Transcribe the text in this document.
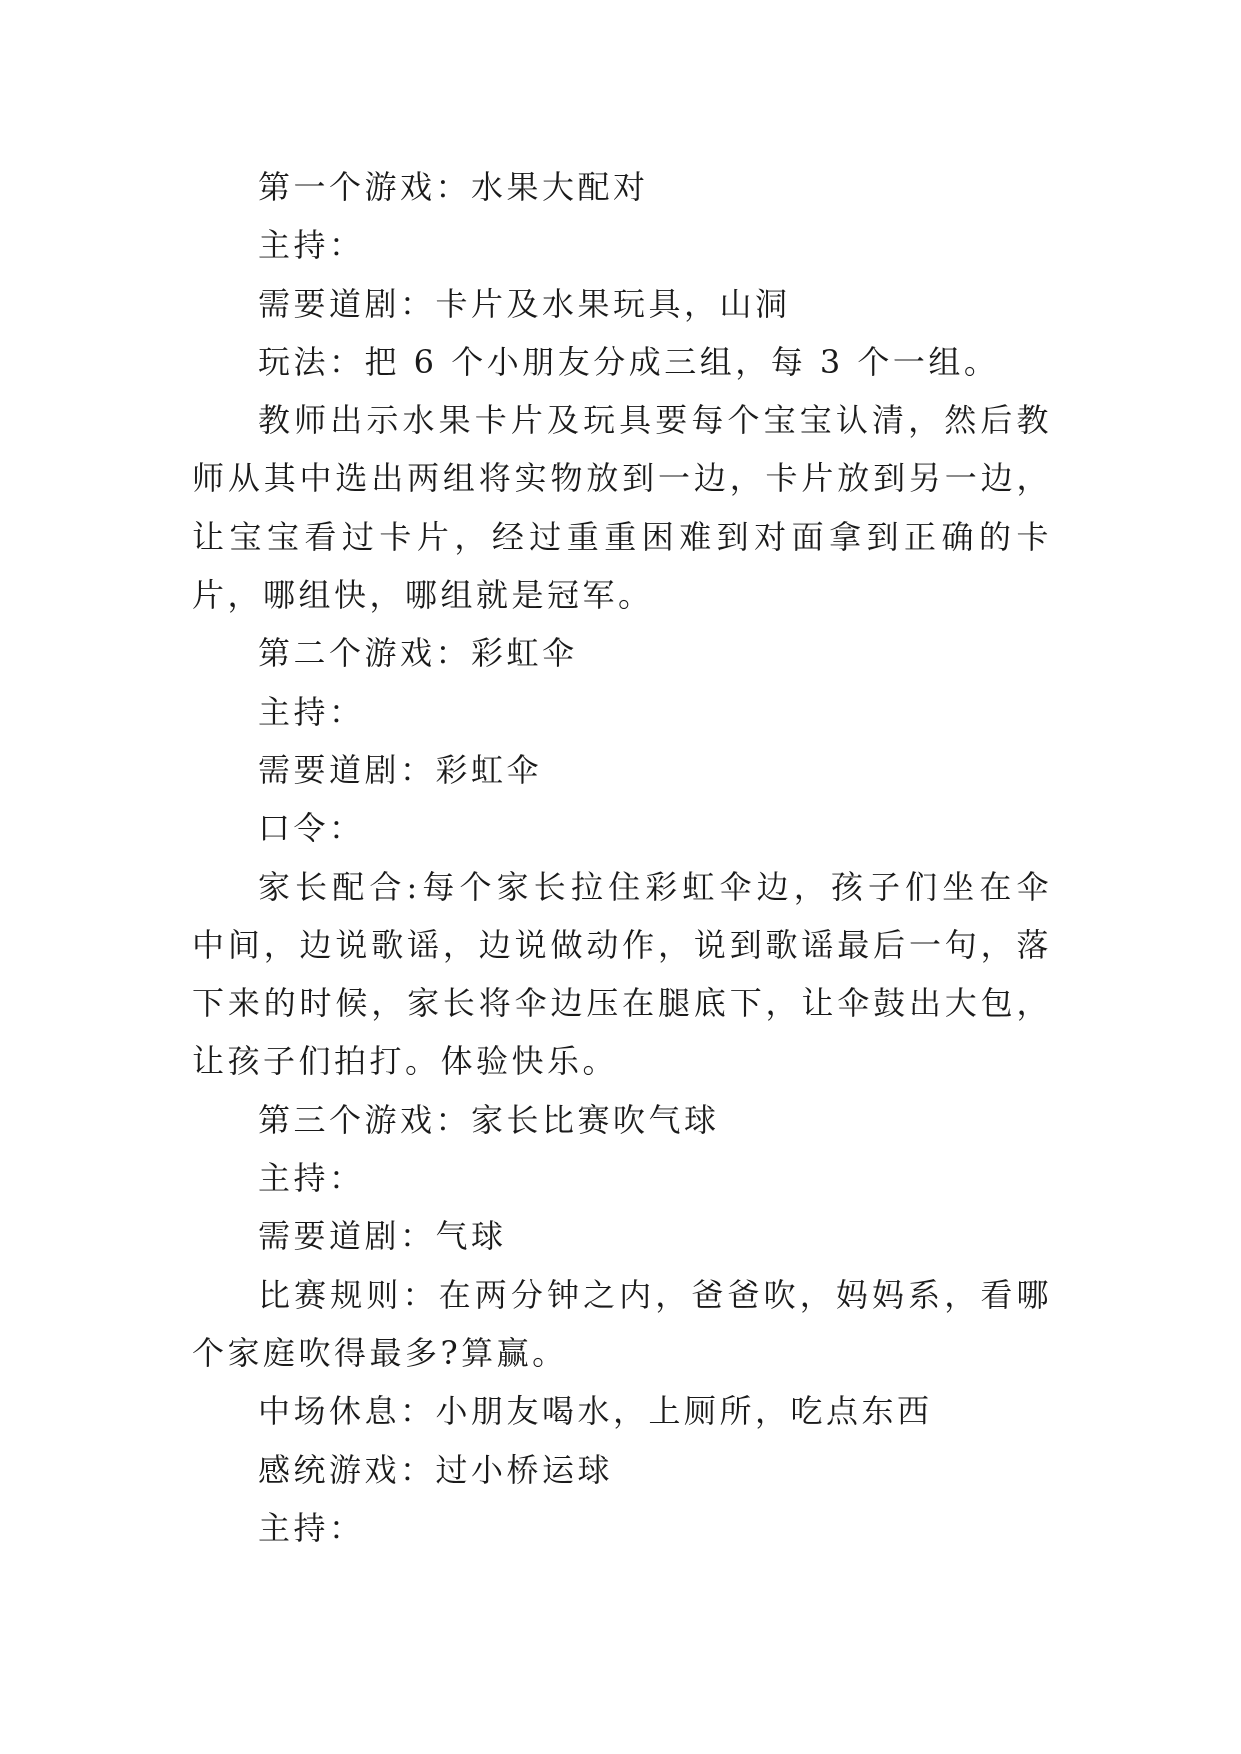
第一个游戏：水果大配对

主持：

需要道剧：卡片及水果玩具，山洞

玩法：把 6 个小朋友分成三组，每 3 个一组。

教师出示水果卡片及玩具要每个宝宝认清，然后教师从其中选出两组将实物放到一边，卡片放到另一边，让宝宝看过卡片，经过重重困难到对面拿到正确的卡片，哪组快，哪组就是冠军。

第二个游戏：彩虹伞

主持：

需要道剧：彩虹伞

口令：

家长配合:每个家长拉住彩虹伞边，孩子们坐在伞中间，边说歌谣，边说做动作，说到歌谣最后一句，落下来的时候，家长将伞边压在腿底下，让伞鼓出大包，让孩子们拍打。体验快乐。

第三个游戏：家长比赛吹气球

主持：

需要道剧：气球

比赛规则：在两分钟之内，爸爸吹，妈妈系，看哪个家庭吹得最多?算赢。

中场休息：小朋友喝水，上厕所，吃点东西

感统游戏：过小桥运球

主持：
